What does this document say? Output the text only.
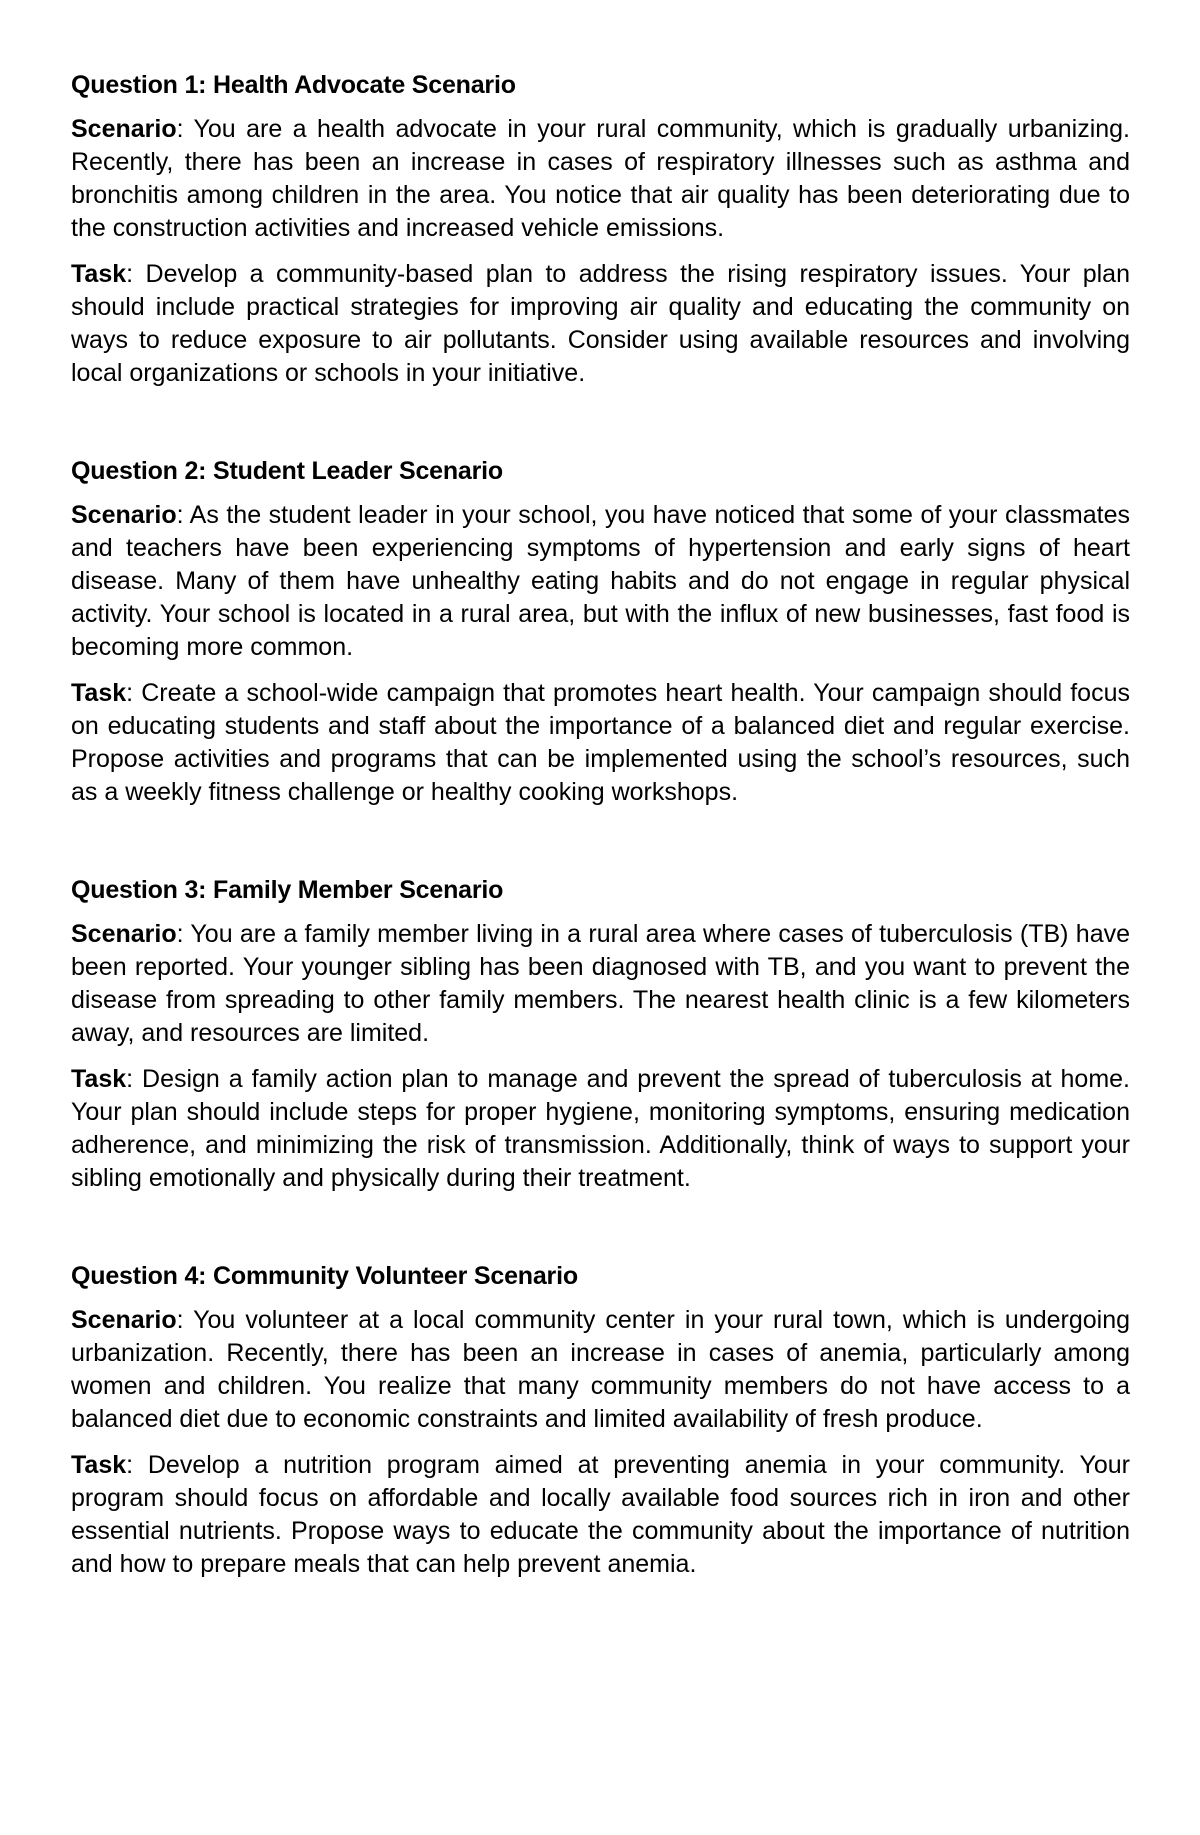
Question 1: Health Advocate Scenario

Scenario: You are a health advocate in your rural community, which is gradually urbanizing. Recently, there has been an increase in cases of respiratory illnesses such as asthma and bronchitis among children in the area. You notice that air quality has been deteriorating due to the construction activities and increased vehicle emissions.

Task: Develop a community-based plan to address the rising respiratory issues. Your plan should include practical strategies for improving air quality and educating the community on ways to reduce exposure to air pollutants. Consider using available resources and involving local organizations or schools in your initiative.

Question 2: Student Leader Scenario

Scenario: As the student leader in your school, you have noticed that some of your classmates and teachers have been experiencing symptoms of hypertension and early signs of heart disease. Many of them have unhealthy eating habits and do not engage in regular physical activity. Your school is located in a rural area, but with the influx of new businesses, fast food is becoming more common.

Task: Create a school-wide campaign that promotes heart health. Your campaign should focus on educating students and staff about the importance of a balanced diet and regular exercise. Propose activities and programs that can be implemented using the school’s resources, such as a weekly fitness challenge or healthy cooking workshops.

Question 3: Family Member Scenario

Scenario: You are a family member living in a rural area where cases of tuberculosis (TB) have been reported. Your younger sibling has been diagnosed with TB, and you want to prevent the disease from spreading to other family members. The nearest health clinic is a few kilometers away, and resources are limited.

Task: Design a family action plan to manage and prevent the spread of tuberculosis at home. Your plan should include steps for proper hygiene, monitoring symptoms, ensuring medication adherence, and minimizing the risk of transmission. Additionally, think of ways to support your sibling emotionally and physically during their treatment.

Question 4: Community Volunteer Scenario

Scenario: You volunteer at a local community center in your rural town, which is undergoing urbanization. Recently, there has been an increase in cases of anemia, particularly among women and children. You realize that many community members do not have access to a balanced diet due to economic constraints and limited availability of fresh produce.

Task: Develop a nutrition program aimed at preventing anemia in your community. Your program should focus on affordable and locally available food sources rich in iron and other essential nutrients. Propose ways to educate the community about the importance of nutrition and how to prepare meals that can help prevent anemia.
